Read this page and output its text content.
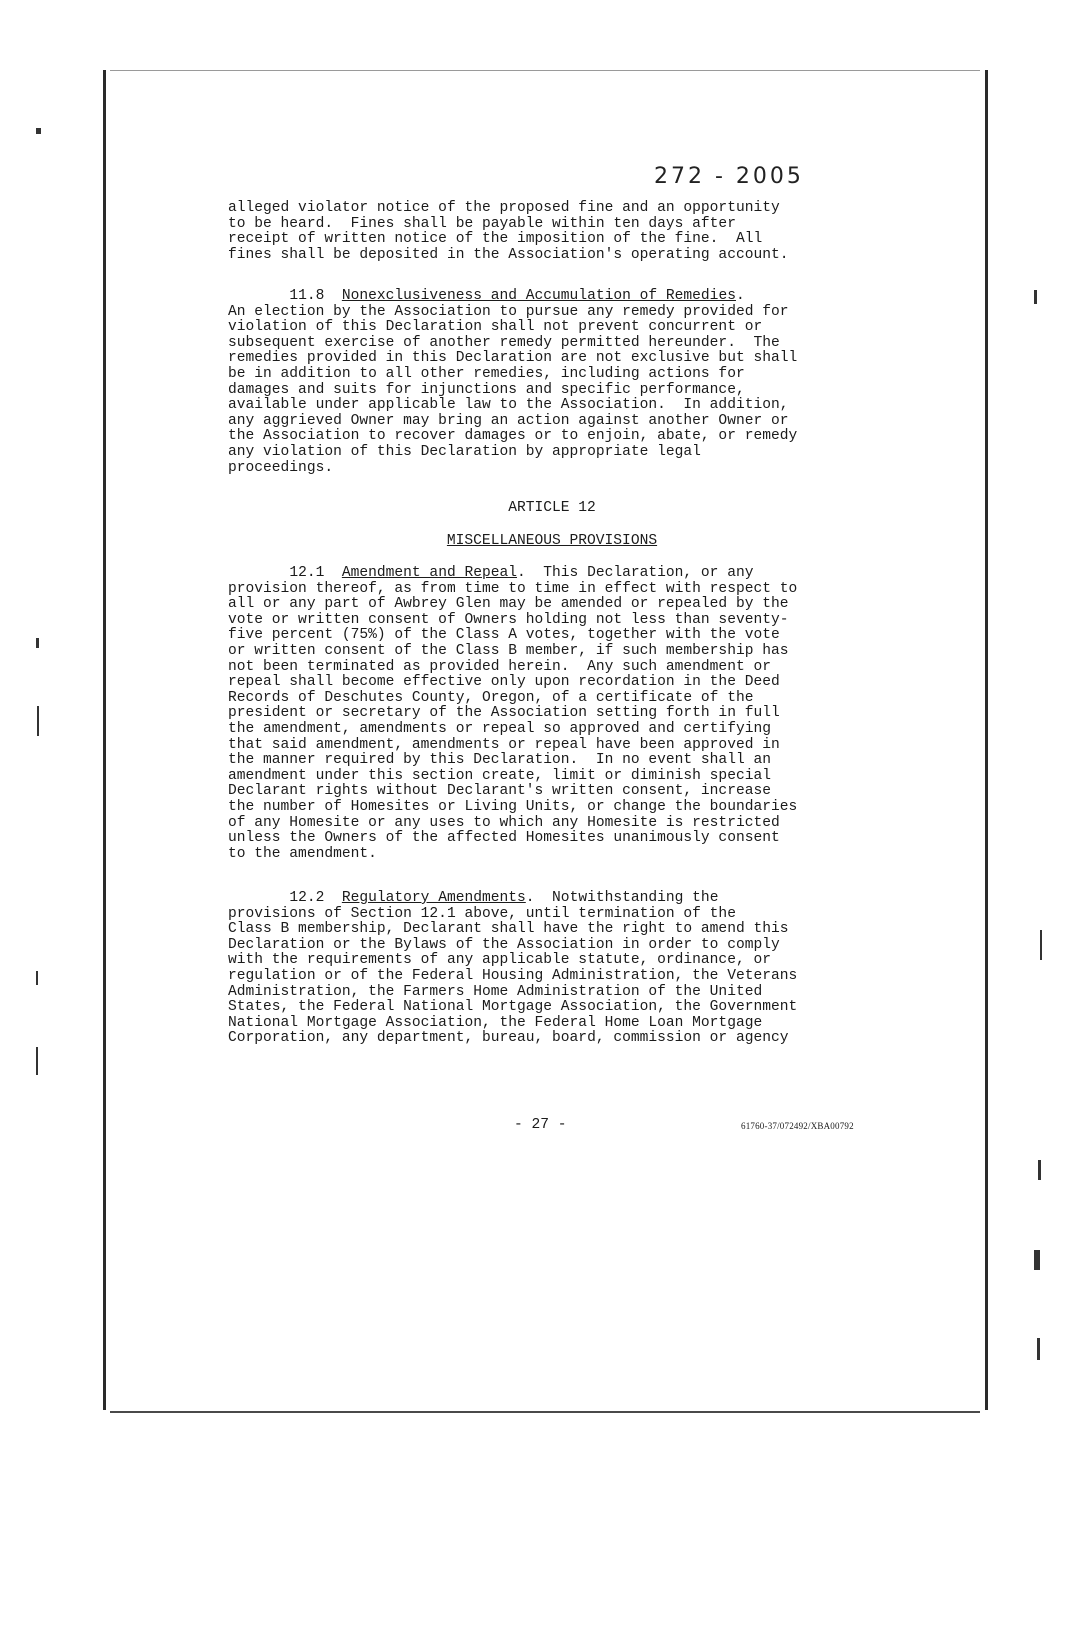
272 - 2005
alleged violator notice of the proposed fine and an opportunity
to be heard.  Fines shall be payable within ten days after
receipt of written notice of the imposition of the fine.  All
fines shall be deposited in the Association's operating account.
11.8 Nonexclusiveness and Accumulation of Remedies.
An election by the Association to pursue any remedy provided for
violation of this Declaration shall not prevent concurrent or
subsequent exercise of another remedy permitted hereunder.  The
remedies provided in this Declaration are not exclusive but shall
be in addition to all other remedies, including actions for
damages and suits for injunctions and specific performance,
available under applicable law to the Association.  In addition,
any aggrieved Owner may bring an action against another Owner or
the Association to recover damages or to enjoin, abate, or remedy
any violation of this Declaration by appropriate legal
proceedings.
ARTICLE 12
MISCELLANEOUS PROVISIONS
12.1 Amendment and Repeal.  This Declaration, or any
provision thereof, as from time to time in effect with respect to
all or any part of Awbrey Glen may be amended or repealed by the
vote or written consent of Owners holding not less than seventy-
five percent (75%) of the Class A votes, together with the vote
or written consent of the Class B member, if such membership has
not been terminated as provided herein.  Any such amendment or
repeal shall become effective only upon recordation in the Deed
Records of Deschutes County, Oregon, of a certificate of the
president or secretary of the Association setting forth in full
the amendment, amendments or repeal so approved and certifying
that said amendment, amendments or repeal have been approved in
the manner required by this Declaration.  In no event shall an
amendment under this section create, limit or diminish special
Declarant rights without Declarant's written consent, increase
the number of Homesites or Living Units, or change the boundaries
of any Homesite or any uses to which any Homesite is restricted
unless the Owners of the affected Homesites unanimously consent
to the amendment.
12.2 Regulatory Amendments.  Notwithstanding the
provisions of Section 12.1 above, until termination of the
Class B membership, Declarant shall have the right to amend this
Declaration or the Bylaws of the Association in order to comply
with the requirements of any applicable statute, ordinance, or
regulation or of the Federal Housing Administration, the Veterans
Administration, the Farmers Home Administration of the United
States, the Federal National Mortgage Association, the Government
National Mortgage Association, the Federal Home Loan Mortgage
Corporation, any department, bureau, board, commission or agency
- 27 -	61760-37/072492/XBA00792
